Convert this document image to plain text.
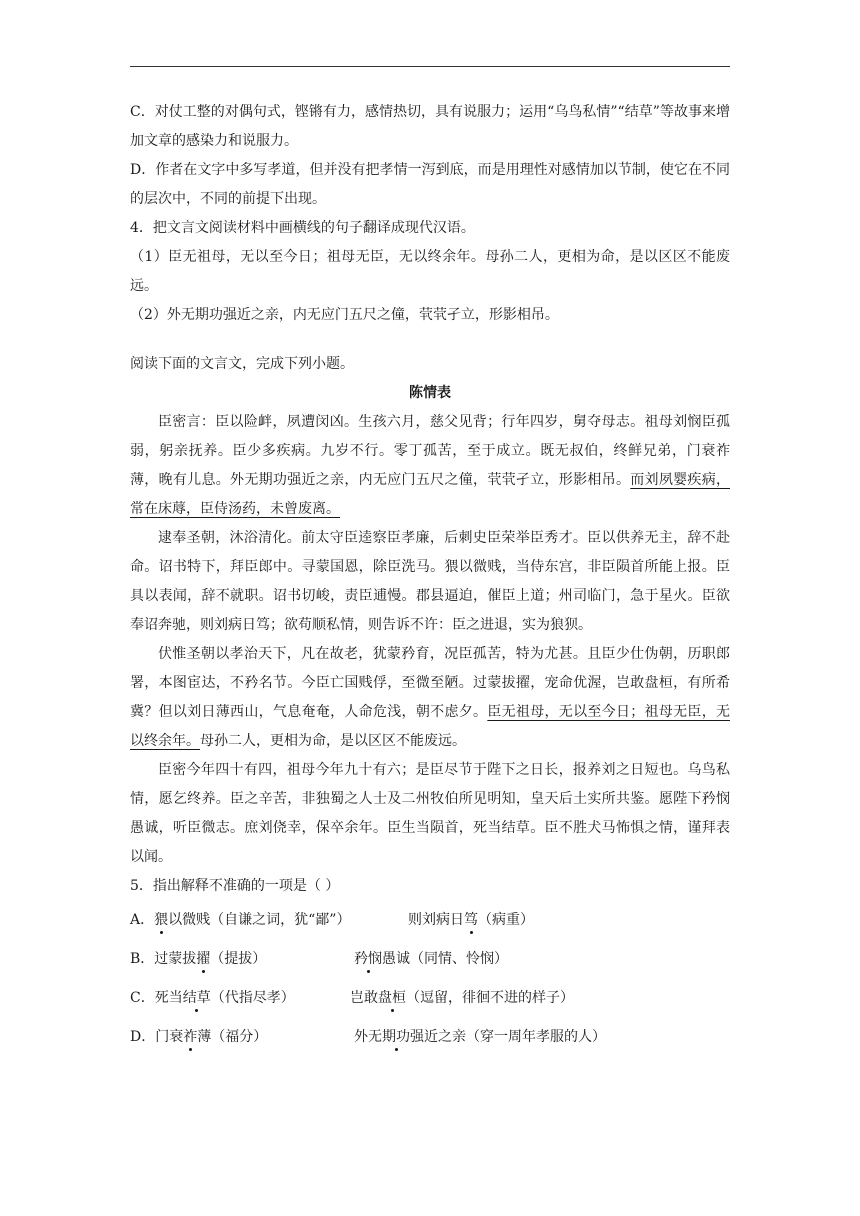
C．对仗工整的对偶句式，铿锵有力，感情热切，具有说服力；运用“乌鸟私情”“结草”等故事来增加文章的感染力和说服力。

D．作者在文字中多写孝道，但并没有把孝情一泻到底，而是用理性对感情加以节制，使它在不同的层次中，不同的前提下出现。

4．把文言文阅读材料中画横线的句子翻译成现代汉语。

（1）臣无祖母，无以至今日；祖母无臣，无以终余年。母孙二人，更相为命，是以区区不能废远。

（2）外无期功强近之亲，内无应门五尺之僮，茕茕孑立，形影相吊。

阅读下面的文言文，完成下列小题。

陈情表

臣密言：臣以险衅，夙遭闵凶。生孩六月，慈父见背；行年四岁，舅夺母志。祖母刘悯臣孤弱，躬亲抚养。臣少多疾病。九岁不行。零丁孤苦，至于成立。既无叔伯，终鲜兄弟，门衰祚薄，晚有儿息。外无期功强近之亲，内无应门五尺之僮，茕茕孑立，形影相吊。而刘夙婴疾病，常在床蓐，臣侍汤药，未曾废离。

逮奉圣朝，沐浴清化。前太守臣逵察臣孝廉，后刺史臣荣举臣秀才。臣以供养无主，辞不赴命。诏书特下，拜臣郎中。寻蒙国恩，除臣洗马。猥以微贱，当侍东宫，非臣陨首所能上报。臣具以表闻，辞不就职。诏书切峻，责臣逋慢。郡县逼迫，催臣上道；州司临门，急于星火。臣欲奉诏奔驰，则刘病日笃；欲苟顺私情，则告诉不许：臣之进退，实为狼狈。

伏惟圣朝以孝治天下，凡在故老，犹蒙矜育，况臣孤苦，特为尤甚。且臣少仕伪朝，历职郎署，本图宦达，不矜名节。今臣亡国贱俘，至微至陋。过蒙拔擢，宠命优渥，岂敢盘桓，有所希冀？但以刘日薄西山，气息奄奄，人命危浅，朝不虑夕。臣无祖母，无以至今日；祖母无臣，无以终余年。母孙二人，更相为命，是以区区不能废远。

臣密今年四十有四，祖母今年九十有六；是臣尽节于陛下之日长，报养刘之日短也。乌鸟私情，愿乞终养。臣之辛苦，非独蜀之人士及二州牧伯所见明知，皇天后土实所共鉴。愿陛下矜悯愚诚，听臣微志。庶刘侥幸，保卒余年。臣生当陨首，死当结草。臣不胜犬马怖惧之情，谨拜表以闻。

5．指出解释不准确的一项是（ ）

A．猥以微贱（自谦之词，犹“鄙”）	则刘病日笃（病重）
B．过蒙拔擢（提拔）	矜悯愚诚（同情、怜悯）
C．死当结草（代指尽孝）	岂敢盘桓（逗留，徘徊不进的样子）
D．门衰祚薄（福分）	外无期功强近之亲（穿一周年孝服的人）
